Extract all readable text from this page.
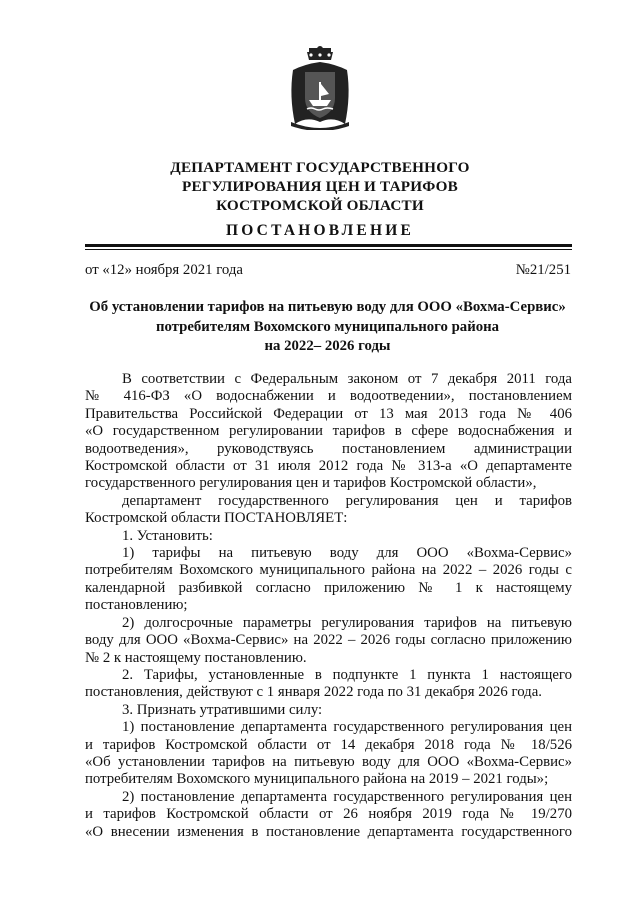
ДЕПАРТАМЕНТ ГОСУДАРСТВЕННОГО
РЕГУЛИРОВАНИЯ ЦЕН И ТАРИФОВ
КОСТРОМСКОЙ ОБЛАСТИ
ПОСТАНОВЛЕНИЕ
от «12» ноября 2021 года	№21/251
Об установлении тарифов на питьевую воду для ООО «Вохма-Сервис»
потребителям Вохомского муниципального района
на 2022– 2026 годы

В соответствии с Федеральным законом от 7 декабря 2011 года

№ 416-ФЗ «О водоснабжении и водоотведении», постановлением

Правительства Российской Федерации от 13 мая 2013 года № 406

«О государственном регулировании тарифов в сфере водоснабжения и

водоотведения», руководствуясь постановлением администрации

Костромской области от 31 июля 2012 года № 313-а «О департаменте

государственного регулирования цен и тарифов Костромской области»,

департамент государственного регулирования цен и тарифов

Костромской области ПОСТАНОВЛЯЕТ:

1. Установить:

1) тарифы на питьевую воду для ООО «Вохма-Сервис»

потребителям Вохомского муниципального района на 2022 – 2026 годы с

календарной разбивкой согласно приложению № 1 к настоящему

постановлению;

2) долгосрочные параметры регулирования тарифов на питьевую

воду для ООО «Вохма-Сервис» на 2022 – 2026 годы согласно приложению

№ 2 к настоящему постановлению.

2. Тарифы, установленные в подпункте 1 пункта 1 настоящего

постановления, действуют с 1 января 2022 года по 31 декабря 2026 года.

3. Признать утратившими силу:

1) постановление департамента государственного регулирования цен

и тарифов Костромской области от 14 декабря 2018 года № 18/526

«Об установлении тарифов на питьевую воду для ООО «Вохма-Сервис»

потребителям Вохомского муниципального района на 2019 – 2021 годы»;

2) постановление департамента государственного регулирования цен

и тарифов Костромской области от 26 ноября 2019 года № 19/270

«О внесении изменения в постановление департамента государственного
